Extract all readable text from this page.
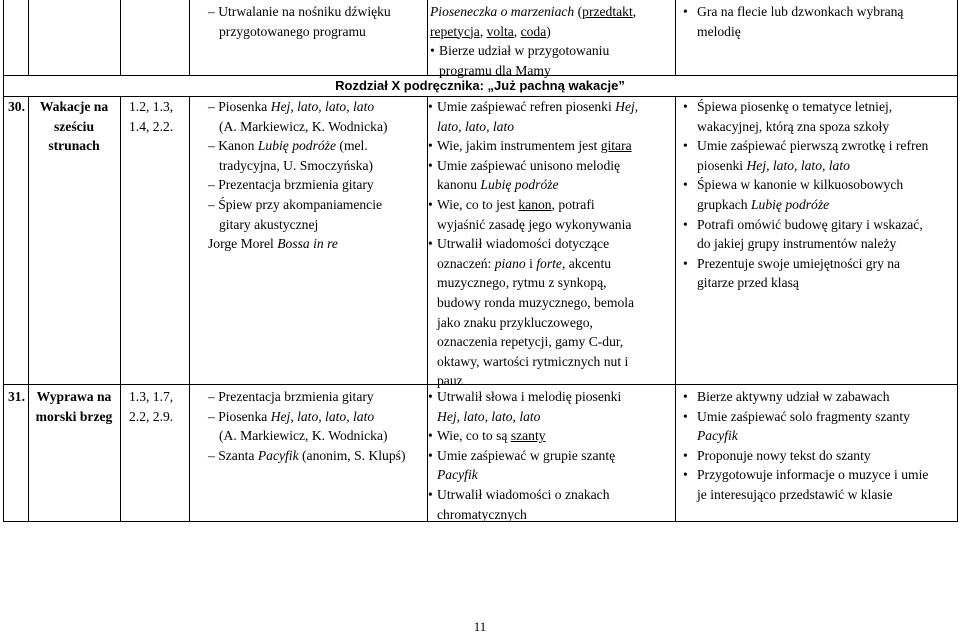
– Utrwalanie na nośniku dźwięku
przygotowanego programu
Pioseneczka o marzeniach (przedtakt,
repetycja, volta, coda)
• Bierze udział w przygotowaniu
programu dla Mamy
• Gra na flecie lub dzwonkach wybraną
melodię
Rozdział X podręcznika: „Już pachną wakacje”
30.	Wakacje na sześciu strunach
1.2, 1.3, 1.4, 2.2.
– Piosenka Hej, lato, lato, lato
(A. Markiewicz, K. Wodnicka)
– Kanon Lubię podróże (mel.
tradycyjna, U. Smoczyńska)
– Prezentacja brzmienia gitary
– Śpiew przy akompaniamencie
gitary akustycznej
Jorge Morel Bossa in re
• Umie zaśpiewać refren piosenki Hej,
lato, lato, lato
• Wie, jakim instrumentem jest gitara
• Umie zaśpiewać unisono melodię
kanonu Lubię podróże
• Wie, co to jest kanon, potrafi
wyjaśnić zasadę jego wykonywania
• Utrwalił wiadomości dotyczące
oznaczeń: piano i forte, akcentu
muzycznego, rytmu z synkopą,
budowy ronda muzycznego, bemola
jako znaku przykluczowego,
oznaczenia repetycji, gamy C-dur,
oktawy, wartości rytmicznych nut i
pauz
• Śpiewa piosenkę o tematyce letniej,
wakacyjnej, którą zna spoza szkoły
• Umie zaśpiewać pierwszą zwrotkę i refren
piosenki Hej, lato, lato, lato
• Śpiewa w kanonie w kilkuosobowych
grupkach Lubię podróże
• Potrafi omówić budowę gitary i wskazać,
do jakiej grupy instrumentów należy
• Prezentuje swoje umiejętności gry na
gitarze przed klasą
31. Wyprawa na morski brzeg
1.3, 1.7, 2.2, 2.9.
– Prezentacja brzmienia gitary
– Piosenka Hej, lato, lato, lato
(A. Markiewicz, K. Wodnicka)
– Szanta Pacyfik (anonim, S. Klupś)
• Utrwalił słowa i melodię piosenki
Hej, lato, lato, lato
• Wie, co to są szanty
• Umie zaśpiewać w grupie szantę
Pacyfik
• Utrwalił wiadomości o znakach
chromatycznych
• Bierze aktywny udział w zabawach
• Umie zaśpiewać solo fragmenty szanty
Pacyfik
• Proponuje nowy tekst do szanty
• Przygotowuje informacje o muzyce i umie
je interesująco przedstawić w klasie
11
